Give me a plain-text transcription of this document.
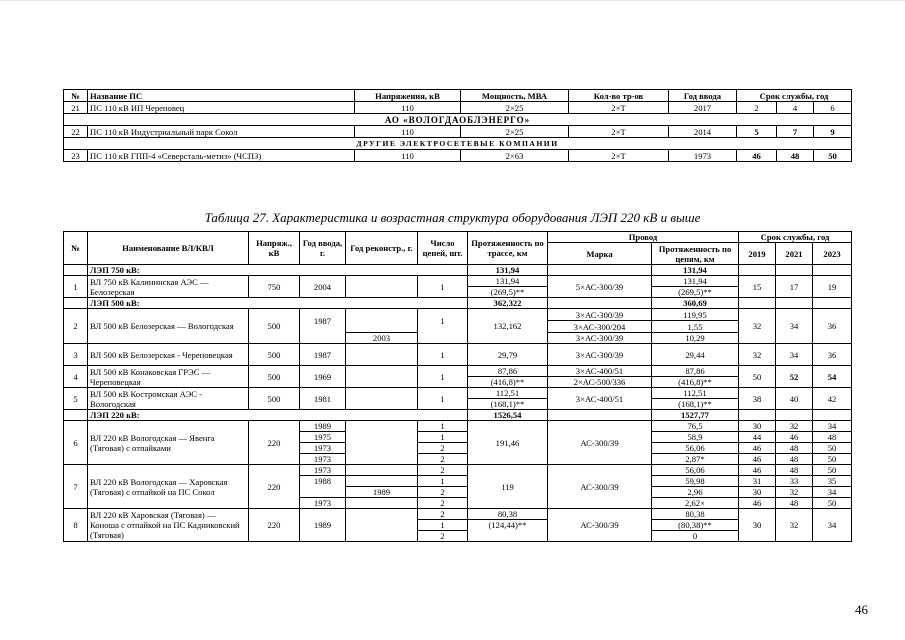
№	Название ПС	Напряжения, кВ	Мощность, МВА	Кол-во тр-ов	Год ввода	Срок службы, год		
21	ПС 110 кВ ИП Череповец	110	2×25	2×Т	2017	2	4	6
АО «ВОЛОГДАОБЛЭНЕРГО»								
22	ПС 110 кВ Индустриальный парк Сокол	110	2×25	2×Т	2014	5	7	9
ДРУГИЕ ЭЛЕКТРОСЕТЕВЫЕ КОМПАНИИ								
23	ПС 110 кВ ГПП-4 «Северсталь-метиз» (ЧСПЗ)	110	2×63	2×Т	1973	46	48	50
Таблица 27. Характеристика и возрастная структура оборудования ЛЭП 220 кВ и выше
№	Наименование ВЛ/КВЛ	Напряж., кВ	Год ввода, г.	Год реконстр., г.	Число цепей, шт.	Протяженность по трассе, км	Провод		Срок службы, год		
							Марка	Протяженность по цепям, км	2019	2021	2023
	ЛЭП 750 кВ:					131,94		131,94			
1	ВЛ 750 кВ Калининская АЭС — Белозерская	750	2004		1	131,94	5×АС-300/39	131,94	15	17	19
						(269,5)**		(269,5)**			
	ЛЭП 500 кВ:					362,322		360,69			
2	ВЛ 500 кВ Белозерская — Вологодская	500	1987		1	132,162	3×АС-300/39	119,95	32	34	36
							3×АС-300/204	1,55			
				2003			3×АС-300/39	10,29			
3	ВЛ 500 кВ Белозерская - Череповецкая	500	1987		1	29,79	3×АС-300/39	29,44	32	34	36
4	ВЛ 500 кВ Конаковская ГРЭС — Череповецкая	500	1969		1	87,86	3×АС-400/51	87,86	50	52	54
						(416,8)**	2×АС-500/336	(416,8)**			
5	ВЛ 500 кВ Костромская АЭС - Вологодская	500	1981		1	112,51	3×АС-400/51	112,51	38	40	42
						(168,1)**		(168,1)**			
	ЛЭП 220 кВ:					1526,54		1527,77			
6	ВЛ 220 кВ Вологодская — Явенга (Тяговая) с отпайками	220	1989		1	191,46	АС-300/39	76,5	30	32	34
			1975		1			58,9	44	46	48
			1973		2			56,06	46	48	50
			1973		2			2,87*	46	48	50
7	ВЛ 220 кВ Вологодская — Харовская (Тяговая) с отпайкой на ПС Сокол	220	1973		2	119	АС-300/39	56,06	46	48	50
			1988		1			59,98	31	33	35
				1989	2			2,96	30	32	34
			1973		2			2,62×	46	48	50
8	ВЛ 220 кВ Харовская (Тяговая) — Коноша с отпайкой на ПС Кадниковский (Тяговая)	220	1989		2	80,38	АС-300/39	80,38	30	32	34
					1	(124,44)**		(80,38)**			
					2			0			
46
